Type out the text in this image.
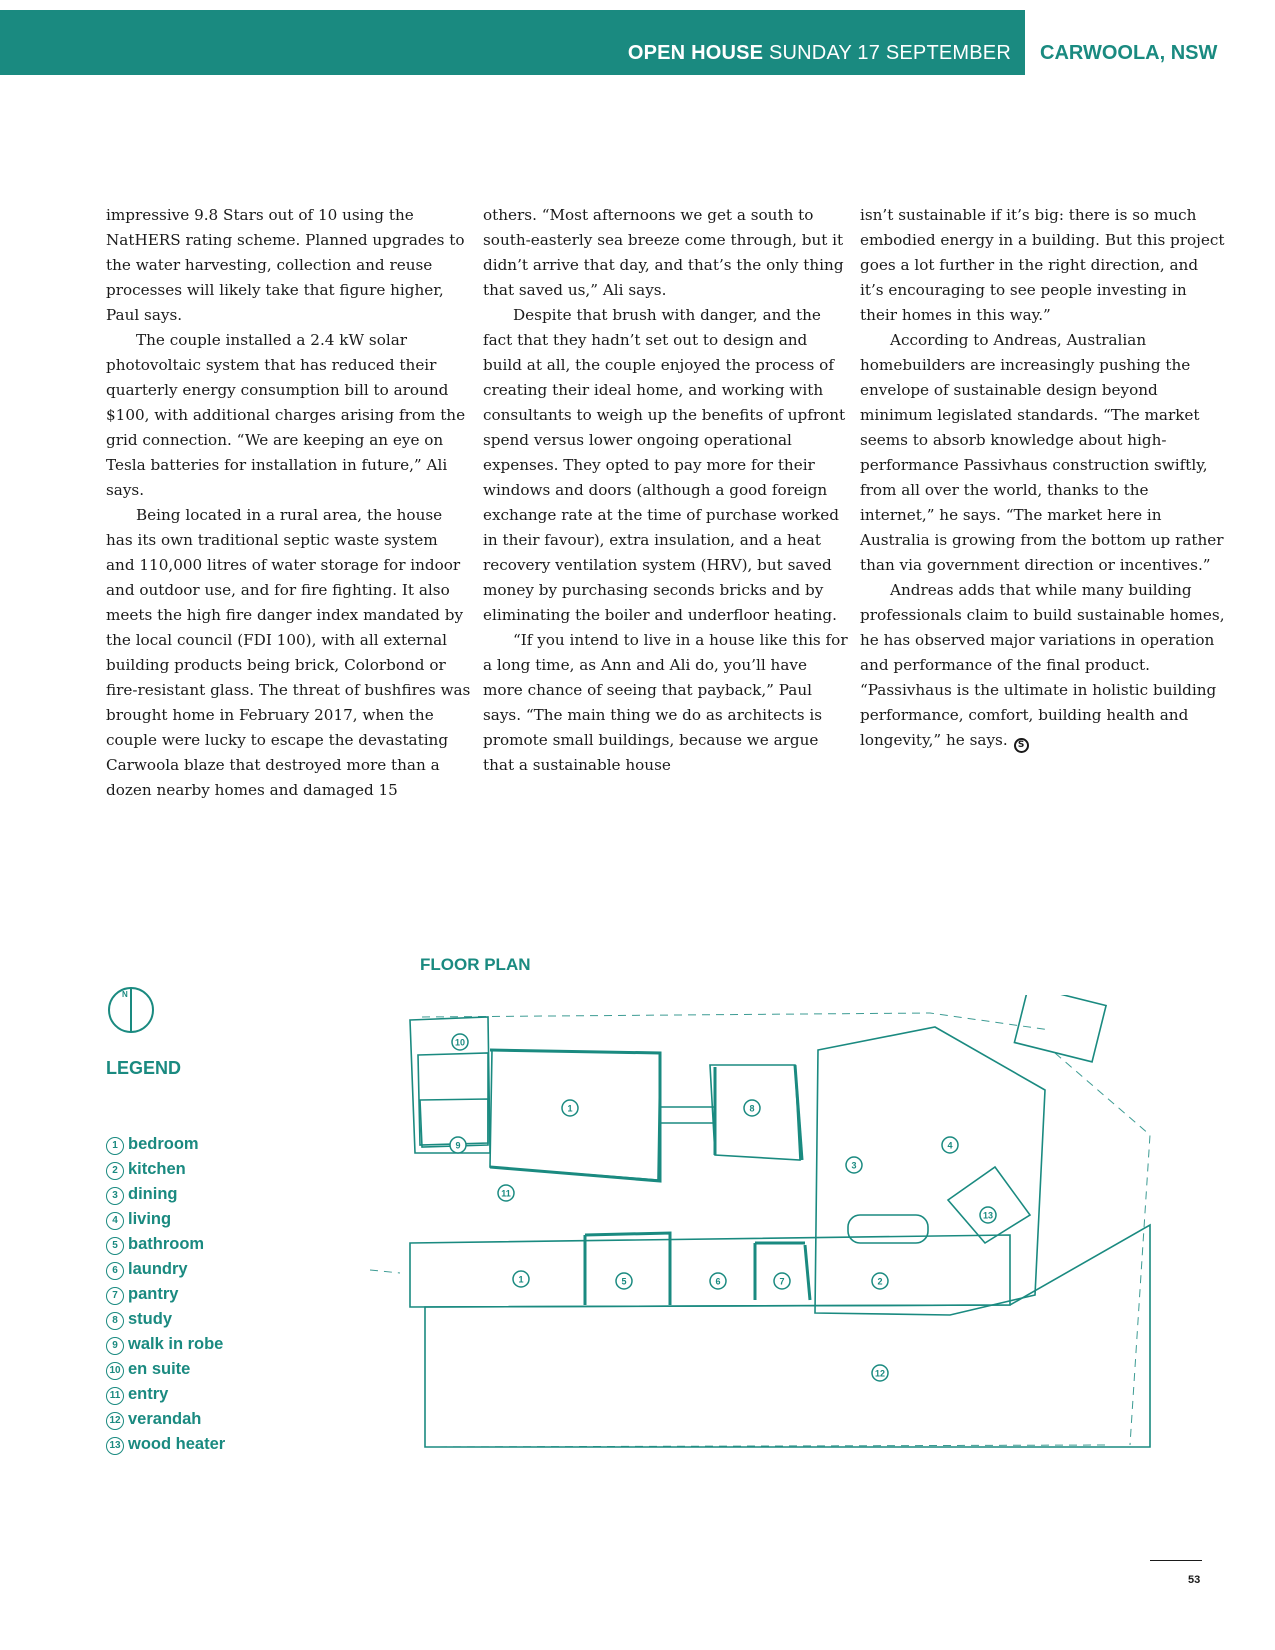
OPEN HOUSE SUNDAY 17 SEPTEMBER CARWOOLA, NSW

impressive 9.8 Stars out of 10 using the NatHERS rating scheme. Planned upgrades to the water harvesting, collection and reuse processes will likely take that figure higher, Paul says.

The couple installed a 2.4 kW solar photovoltaic system that has reduced their quarterly energy consumption bill to around $100, with additional charges arising from the grid connection. “We are keeping an eye on Tesla batteries for installation in future,” Ali says.

Being located in a rural area, the house has its own traditional septic waste system and 110,000 litres of water storage for indoor and outdoor use, and for fire fighting. It also meets the high fire danger index mandated by the local council (FDI 100), with all external building products being brick, Colorbond or fire-resistant glass. The threat of bushfires was brought home in February 2017, when the couple were lucky to escape the devastating Carwoola blaze that destroyed more than a dozen nearby homes and damaged 15

others. “Most afternoons we get a south to south-easterly sea breeze come through, but it didn’t arrive that day, and that’s the only thing that saved us,” Ali says.

Despite that brush with danger, and the fact that they hadn’t set out to design and build at all, the couple enjoyed the process of creating their ideal home, and working with consultants to weigh up the benefits of upfront spend versus lower ongoing operational expenses. They opted to pay more for their windows and doors (although a good foreign exchange rate at the time of purchase worked in their favour), extra insulation, and a heat recovery ventilation system (HRV), but saved money by purchasing seconds bricks and by eliminating the boiler and underfloor heating.

“If you intend to live in a house like this for a long time, as Ann and Ali do, you’ll have more chance of seeing that payback,” Paul says. “The main thing we do as architects is promote small buildings, because we argue that a sustainable house

isn’t sustainable if it’s big: there is so much embodied energy in a building. But this project goes a lot further in the right direction, and it’s encouraging to see people investing in their homes in this way.”

According to Andreas, Australian homebuilders are increasingly pushing the envelope of sustainable design beyond minimum legislated standards. “The market seems to absorb knowledge about high-performance Passivhaus construction swiftly, from all over the world, thanks to the internet,” he says. “The market here in Australia is growing from the bottom up rather than via government direction or incentives.”

Andreas adds that while many building professionals claim to build sustainable homes, he has observed major variations in operation and performance of the final product. “Passivhaus is the ultimate in holistic building performance, comfort, building health and longevity,” he says. S

N
LEGEND
1 bedroom
2 kitchen
3 dining
4 living
5 bathroom
6 laundry
7 pantry
8 study
9 walk in robe
10 en suite
11 entry
12 verandah
13 wood heater
FLOOR PLAN
10
1	8
9	4
3
11
13
1	5	6	7	2
12
53
